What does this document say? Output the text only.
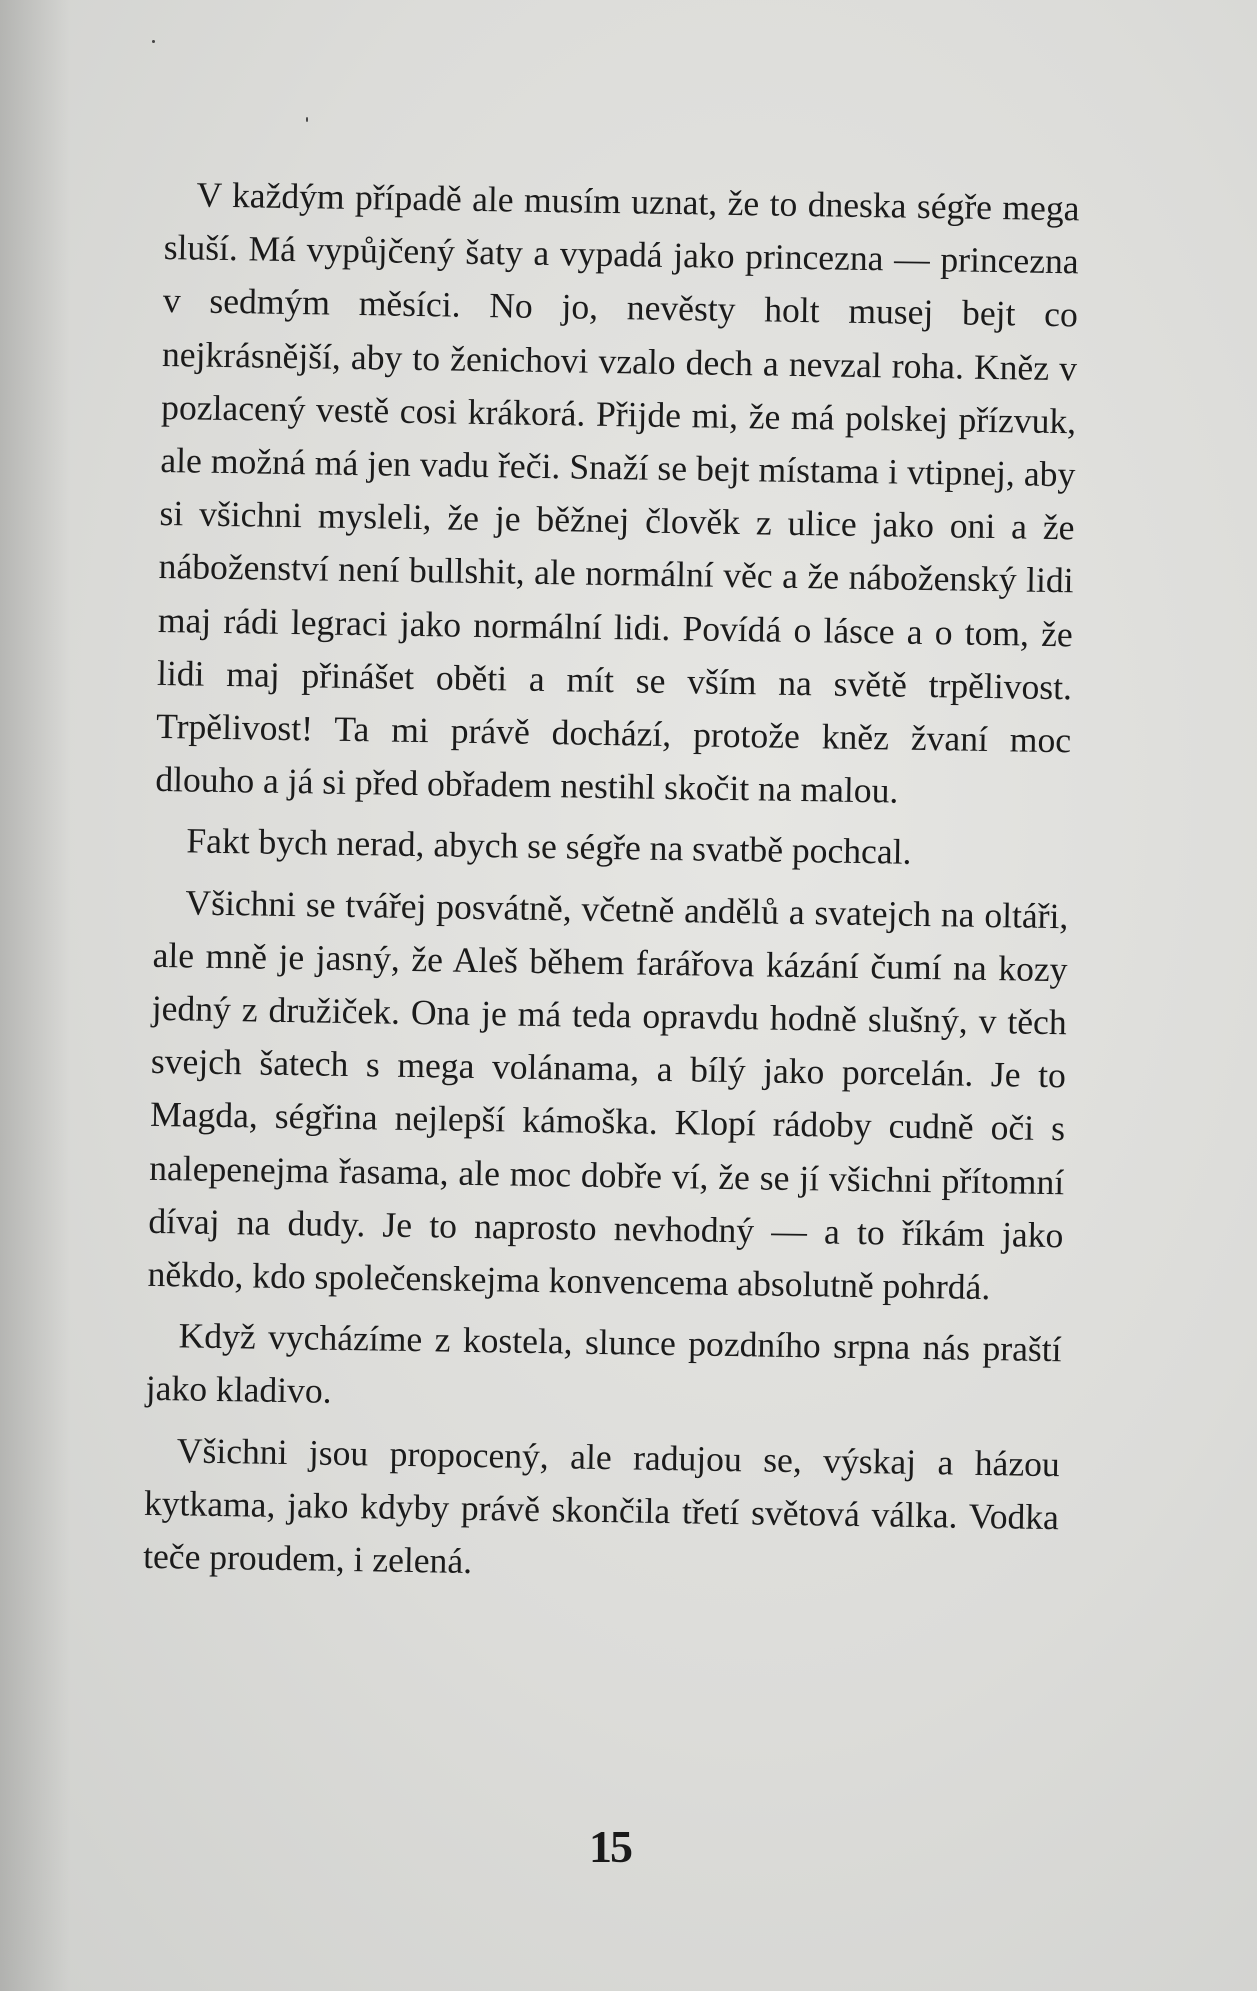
V každým případě ale musím uznat, že to dneska ségře mega sluší. Má vypůjčený šaty a vypadá jako princezna — princezna v sedmým měsíci. No jo, nevěsty holt musej bejt co nejkrásnější, aby to ženichovi vzalo dech a nevzal roha. Kněz v pozlacený vestě cosi krákorá. Přijde mi, že má polskej přízvuk, ale možná má jen vadu řeči. Snaží se bejt místama i vtipnej, aby si všichni mysleli, že je běžnej člověk z ulice jako oni a že náboženství není bullshit, ale normální věc a že náboženský lidi maj rádi legraci jako normální lidi. Povídá o lásce a o tom, že lidi maj přinášet oběti a mít se vším na světě trpělivost. Trpělivost! Ta mi právě dochází, protože kněz žvaní moc dlouho a já si před obřadem nestihl skočit na malou.

Fakt bych nerad, abych se ségře na svatbě pochcal.

Všichni se tvářej posvátně, včetně andělů a svatejch na oltáři, ale mně je jasný, že Aleš během farářova kázání čumí na kozy jedný z družiček. Ona je má teda opravdu hodně slušný, v těch svejch šatech s mega volánama, a bílý jako porcelán. Je to Magda, ségřina nejlepší kámoška. Klopí rádoby cudně oči s nalepenejma řasama, ale moc dobře ví, že se jí všichni přítomní dívaj na dudy. Je to naprosto nevhodný — a to říkám jako někdo, kdo společenskejma konvencema absolutně pohrdá.

Když vycházíme z kostela, slunce pozdního srpna nás praští jako kladivo.

Všichni jsou propocený, ale radujou se, výskaj a házou kytkama, jako kdyby právě skončila třetí světová válka. Vodka teče proudem, i zelená.

15
